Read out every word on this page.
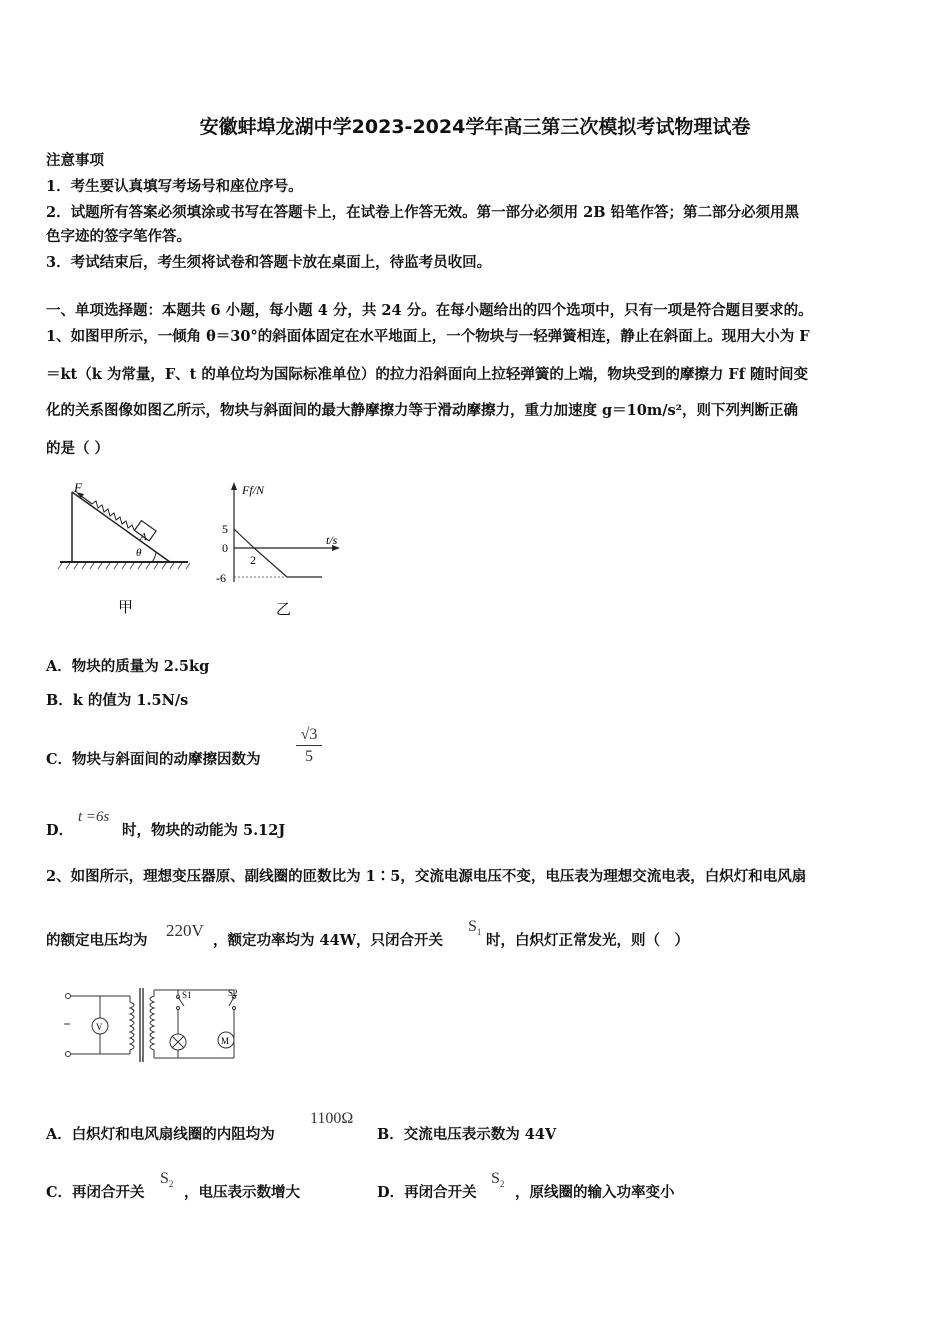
安徽蚌埠龙湖中学2023-2024学年高三第三次模拟考试物理试卷
注意事项
1．考生要认真填写考场号和座位序号。
2．试题所有答案必须填涂或书写在答题卡上，在试卷上作答无效。第一部分必须用 2B 铅笔作答；第二部分必须用黑
色字迹的签字笔作答。
3．考试结束后，考生须将试卷和答题卡放在桌面上，待监考员收回。
一、单项选择题：本题共 6 小题，每小题 4 分，共 24 分。在每小题给出的四个选项中，只有一项是符合题目要求的。
1、如图甲所示，一倾角 θ＝30°的斜面体固定在水平地面上，一个物块与一轻弹簧相连，静止在斜面上。现用大小为 F
＝kt（k 为常量，F、t 的单位均为国际标准单位）的拉力沿斜面向上拉轻弹簧的上端，物块受到的摩擦力 Ff 随时间变
化的关系图像如图乙所示，物块与斜面间的最大静摩擦力等于滑动摩擦力，重力加速度 g＝10m/s²，则下列判断正确
的是（ ）
F
A
θ
甲
Ff/N
t/s
5
0
-6
2
乙
A．物块的质量为 2.5kg
B．k 的值为 1.5N/s
C．物块与斜面间的动摩擦因数为 $\frac{√3}{5}$
D．
t =6s
时，物块的动能为 5.12J
2、如图所示，理想变压器原、副线圈的匝数比为 1∶5，交流电源电压不变，电压表为理想交流电表，白炽灯和电风扇
的额定电压均为
220V
，额定功率均为 44W，只闭合开关
$S_1$ 时，白炽灯正常发光，则（　）
V
M
S1	S2
A．白炽灯和电风扇线圈的内阻均为
1100Ω
B．交流电压表示数为 44V
C．再闭合开关
$S_2$ ，电压表示数增大	D．再闭合开关
$S_2$ ，原线圈的输入功率变小
